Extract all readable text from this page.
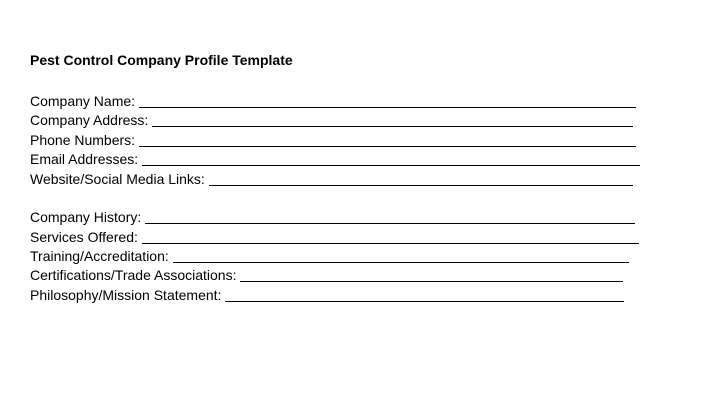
Pest Control Company Profile Template
Company Name:
Company Address:
Phone Numbers:
Email Addresses:
Website/Social Media Links:
Company History:
Services Offered:
Training/Accreditation:
Certifications/Trade Associations:
Philosophy/Mission Statement:
